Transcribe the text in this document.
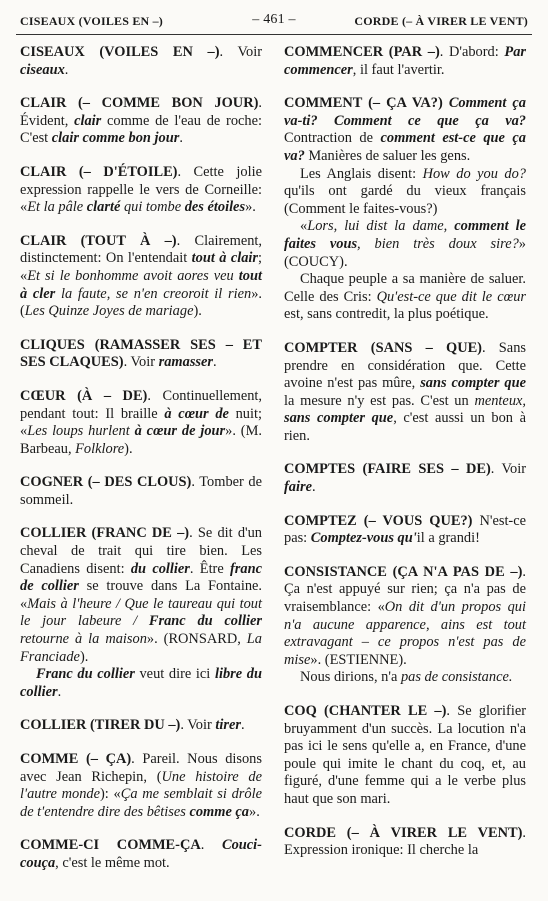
CISEAUX (VOILES EN –)	– 461 –	CORDE (– À VIRER LE VENT)
CISEAUX (VOILES EN –). Voir ciseaux.
CLAIR (– COMME BON JOUR). Évident, clair comme de l'eau de roche: C'est clair comme bon jour.
CLAIR (– D'ÉTOILE). Cette jolie expression rappelle le vers de Corneille: «Et la pâle clarté qui tombe des étoiles».
CLAIR (TOUT À –). Clairement, distinctement: On l'entendait tout à clair; «Et si le bonhomme avoit aores veu tout à cler la faute, se n'en creoroit il rien». (Les Quinze Joyes de mariage).
CLIQUES (RAMASSER SES – ET SES CLAQUES). Voir ramasser.
CŒUR (À – DE). Continuellement, pendant tout: Il braille à cœur de nuit; «Les loups hurlent à cœur de jour». (M. Barbeau, Folklore).
COGNER (– DES CLOUS). Tomber de sommeil.
COLLIER (FRANC DE –). Se dit d'un cheval de trait qui tire bien. Les Canadiens disent: du collier. Être franc de collier se trouve dans La Fontaine. «Mais à l'heure / Que le taureau qui tout le jour labeure / Franc du collier retourne à la maison». (RONSARD, La Franciade).

Franc du collier veut dire ici libre du collier.

COLLIER (TIRER DU –). Voir tirer.
COMME (– ÇA). Pareil. Nous disons avec Jean Richepin, (Une histoire de l'autre monde): «Ça me semblait si drôle de t'entendre dire des bêtises comme ça».
COMME-CI COMME-ÇA. Couci-couça, c'est le même mot.
COMMENCER (PAR –). D'abord: Par commencer, il faut l'avertir.
COMMENT (– ÇA VA?) Comment ça va-ti? Comment ce que ça va? Contraction de comment est-ce que ça va? Manières de saluer les gens.

Les Anglais disent: How do you do? qu'ils ont gardé du vieux français (Comment le faites-vous?)

«Lors, lui dist la dame, comment le faites vous, bien très doux sire?» (COUCY).

Chaque peuple a sa manière de saluer. Celle des Cris: Qu'est-ce que dit le cœur est, sans contredit, la plus poétique.

COMPTER (SANS – QUE). Sans prendre en considération que. Cette avoine n'est pas mûre, sans compter que la mesure n'y est pas. C'est un menteux, sans compter que, c'est aussi un bon à rien.
COMPTES (FAIRE SES – DE). Voir faire.
COMPTEZ (– VOUS QUE?) N'est-ce pas: Comptez-vous qu'il a grandi!
CONSISTANCE (ÇA N'A PAS DE –). Ça n'est appuyé sur rien; ça n'a pas de vraisemblance: «On dit d'un propos qui n'a aucune apparence, ains est tout extravagant – ce propos n'est pas de mise». (ESTIENNE).

Nous dirions, n'a pas de consistance.

COQ (CHANTER LE –). Se glorifier bruyamment d'un succès. La locution n'a pas ici le sens qu'elle a, en France, d'une poule qui imite le chant du coq, et, au figuré, d'une femme qui a le verbe plus haut que son mari.
CORDE (– À VIRER LE VENT). Expression ironique: Il cherche la
